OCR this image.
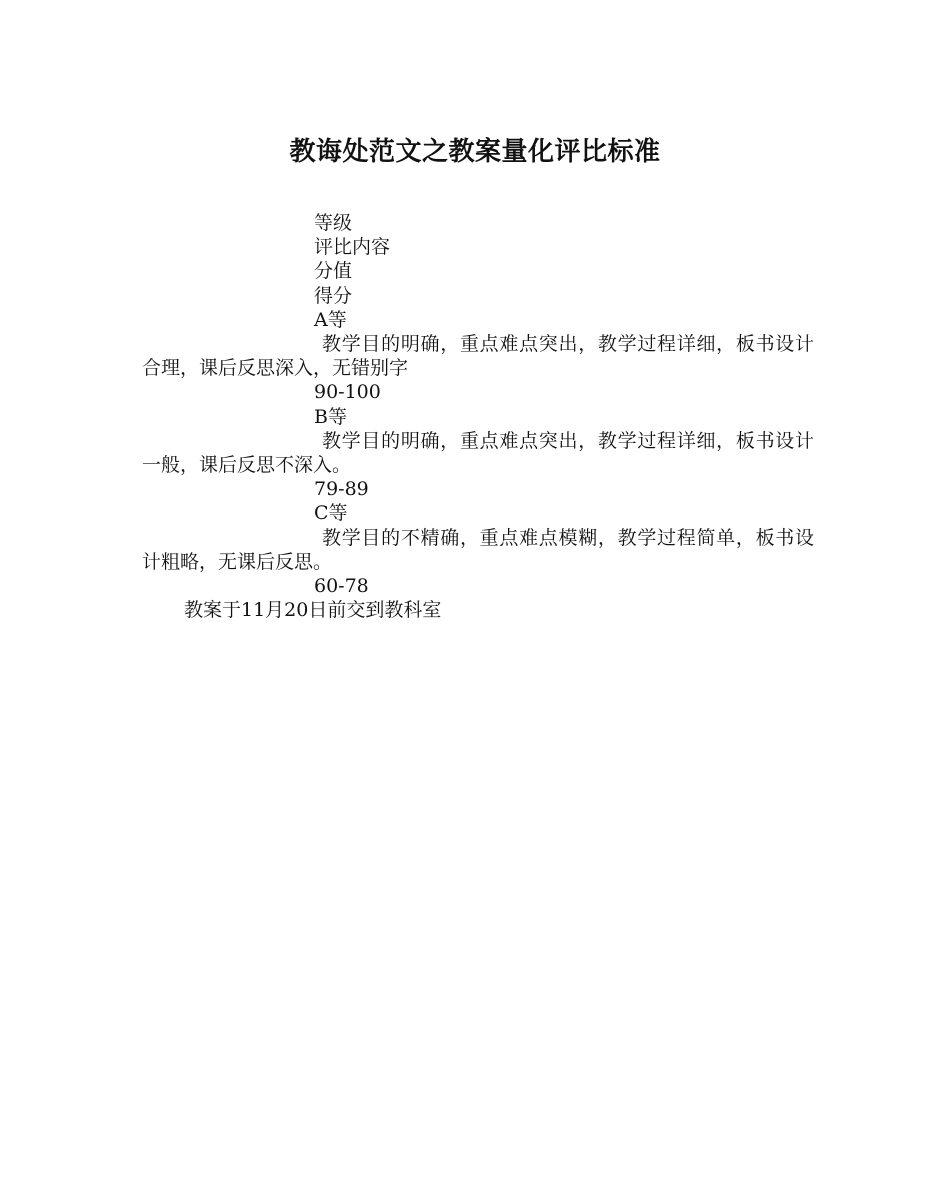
教诲处范文之教案量化评比标准
等级
评比内容
分值
得分
A等
教学目的明确，重点难点突出，教学过程详细，板书设计合理，课后反思深入，无错别字
90-100
B等
教学目的明确，重点难点突出，教学过程详细，板书设计一般，课后反思不深入。
79-89
C等
教学目的不精确，重点难点模糊，教学过程简单，板书设计粗略，无课后反思。
60-78
教案于11月20日前交到教科室
